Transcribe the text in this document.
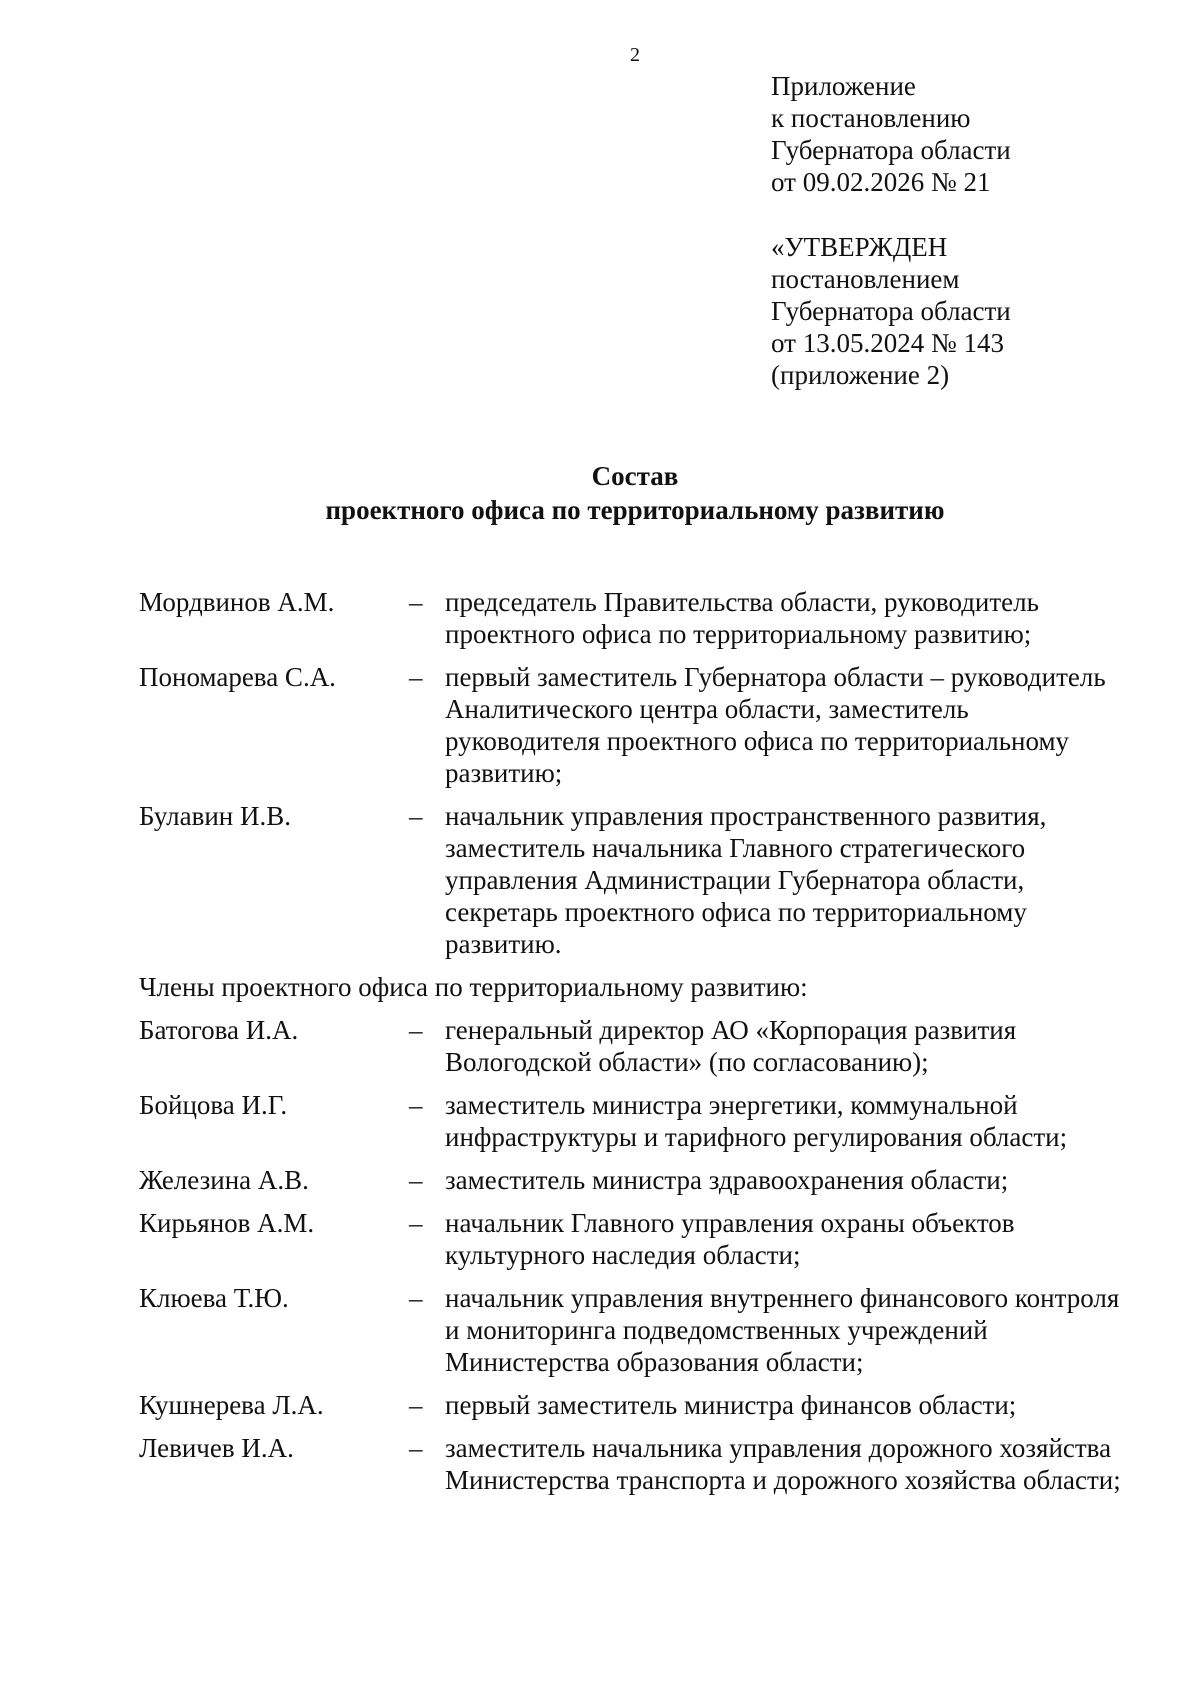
2
Приложение
к постановлению
Губернатора области
от 09.02.2026 № 21
«УТВЕРЖДЕН
постановлением
Губернатора области
от 13.05.2024 № 143
(приложение 2)
Состав
проектного офиса по территориальному развитию
Мордвинов А.М.	– председатель Правительства области, руководитель проектного офиса по территориальному развитию;
Пономарева С.А.	– первый заместитель Губернатора области – руководитель Аналитического центра области, заместитель руководителя проектного офиса по территориальному развитию;
Булавин И.В.	– начальник управления пространственного развития, заместитель начальника Главного стратегического управления Администрации Губернатора области, секретарь проектного офиса по территориальному развитию.
Члены проектного офиса по территориальному развитию:
Батогова И.А.	– генеральный директор АО «Корпорация развития Вологодской области» (по согласованию);
Бойцова И.Г.	– заместитель министра энергетики, коммунальной инфраструктуры и тарифного регулирования области;
Железина А.В.	– заместитель министра здравоохранения области;
Кирьянов А.М.	– начальник Главного управления охраны объектов культурного наследия области;
Клюева Т.Ю.	– начальник управления внутреннего финансового контроля и мониторинга подведомственных учреждений Министерства образования области;
Кушнерева Л.А.	– первый заместитель министра финансов области;
Левичев И.А.	– заместитель начальника управления дорожного хозяйства Министерства транспорта и дорожного хозяйства области;
